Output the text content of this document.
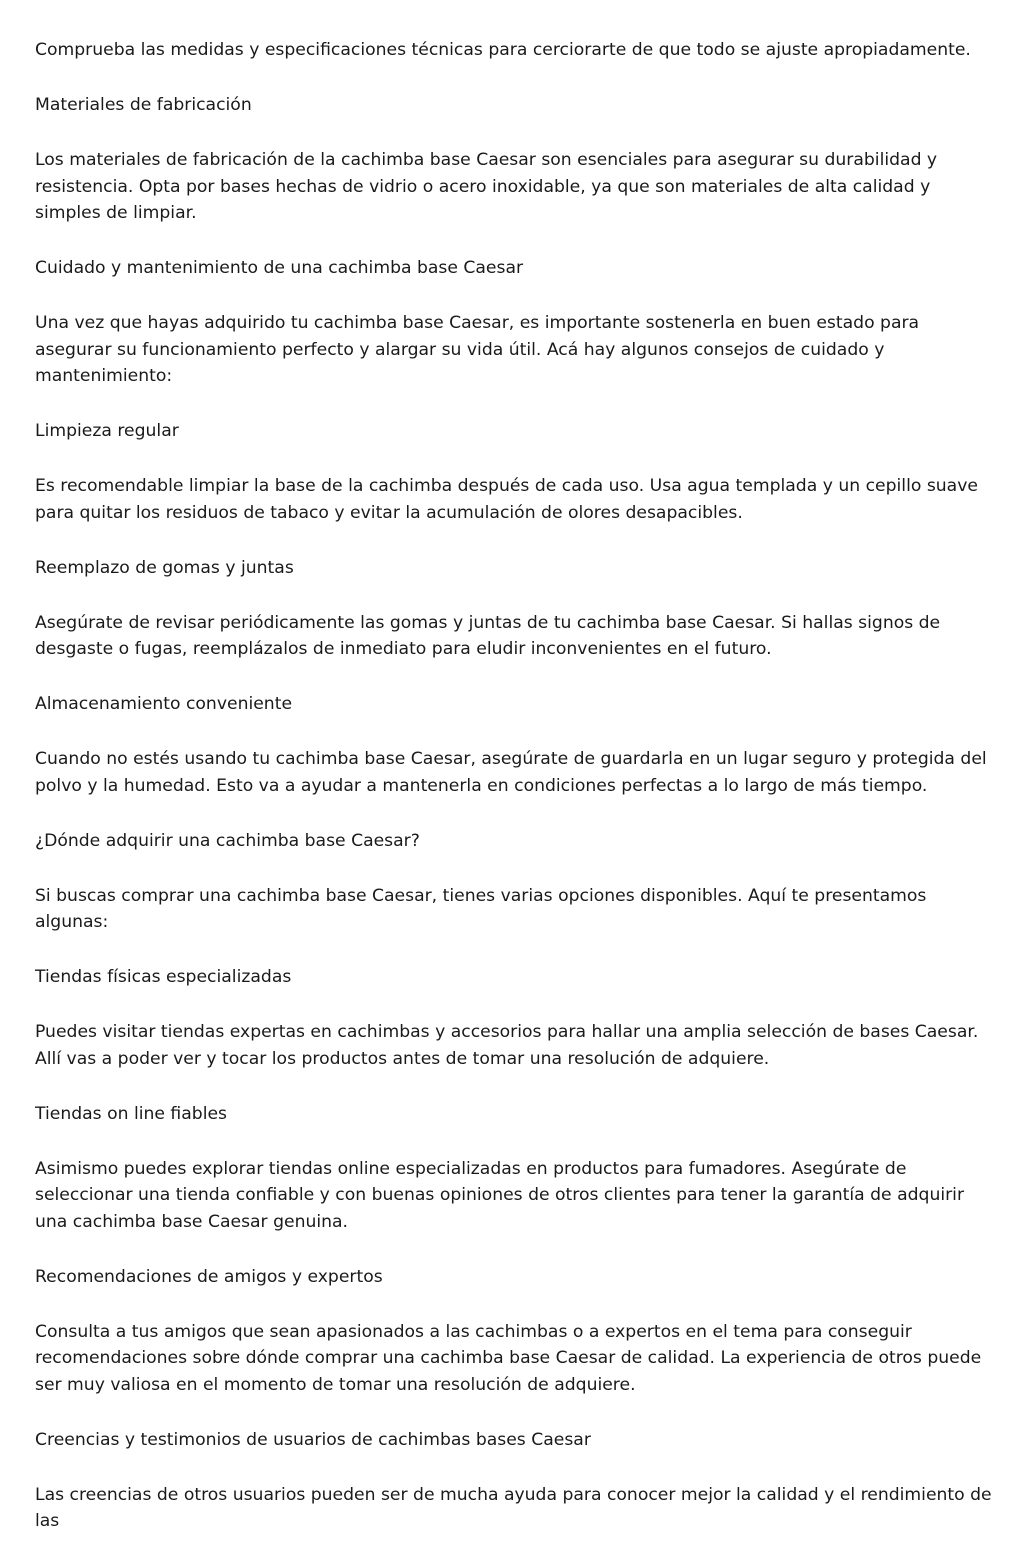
Comprueba las medidas y especificaciones técnicas para cerciorarte de que todo se ajuste apropiadamente.

Materiales de fabricación

Los materiales de fabricación de la cachimba base Caesar son esenciales para asegurar su durabilidad y resistencia. Opta por bases hechas de vidrio o acero inoxidable, ya que son materiales de alta calidad y simples de limpiar.

Cuidado y mantenimiento de una cachimba base Caesar

Una vez que hayas adquirido tu cachimba base Caesar, es importante sostenerla en buen estado para asegurar su funcionamiento perfecto y alargar su vida útil. Acá hay algunos consejos de cuidado y mantenimiento:

Limpieza regular

Es recomendable limpiar la base de la cachimba después de cada uso. Usa agua templada y un cepillo suave para quitar los residuos de tabaco y evitar la acumulación de olores desapacibles.

Reemplazo de gomas y juntas

Asegúrate de revisar periódicamente las gomas y juntas de tu cachimba base Caesar. Si hallas signos de desgaste o fugas, reemplázalos de inmediato para eludir inconvenientes en el futuro.

Almacenamiento conveniente

Cuando no estés usando tu cachimba base Caesar, asegúrate de guardarla en un lugar seguro y protegida del polvo y la humedad. Esto va a ayudar a mantenerla en condiciones perfectas a lo largo de más tiempo.

¿Dónde adquirir una cachimba base Caesar?

Si buscas comprar una cachimba base Caesar, tienes varias opciones disponibles. Aquí te presentamos algunas:

Tiendas físicas especializadas

Puedes visitar tiendas expertas en cachimbas y accesorios para hallar una amplia selección de bases Caesar. Allí vas a poder ver y tocar los productos antes de tomar una resolución de adquiere.

Tiendas on line fiables

Asimismo puedes explorar tiendas online especializadas en productos para fumadores. Asegúrate de seleccionar una tienda confiable y con buenas opiniones de otros clientes para tener la garantía de adquirir una cachimba base Caesar genuina.

Recomendaciones de amigos y expertos

Consulta a tus amigos que sean apasionados a las cachimbas o a expertos en el tema para conseguir recomendaciones sobre dónde comprar una cachimba base Caesar de calidad. La experiencia de otros puede ser muy valiosa en el momento de tomar una resolución de adquiere.

Creencias y testimonios de usuarios de cachimbas bases Caesar

Las creencias de otros usuarios pueden ser de mucha ayuda para conocer mejor la calidad y el rendimiento de las
